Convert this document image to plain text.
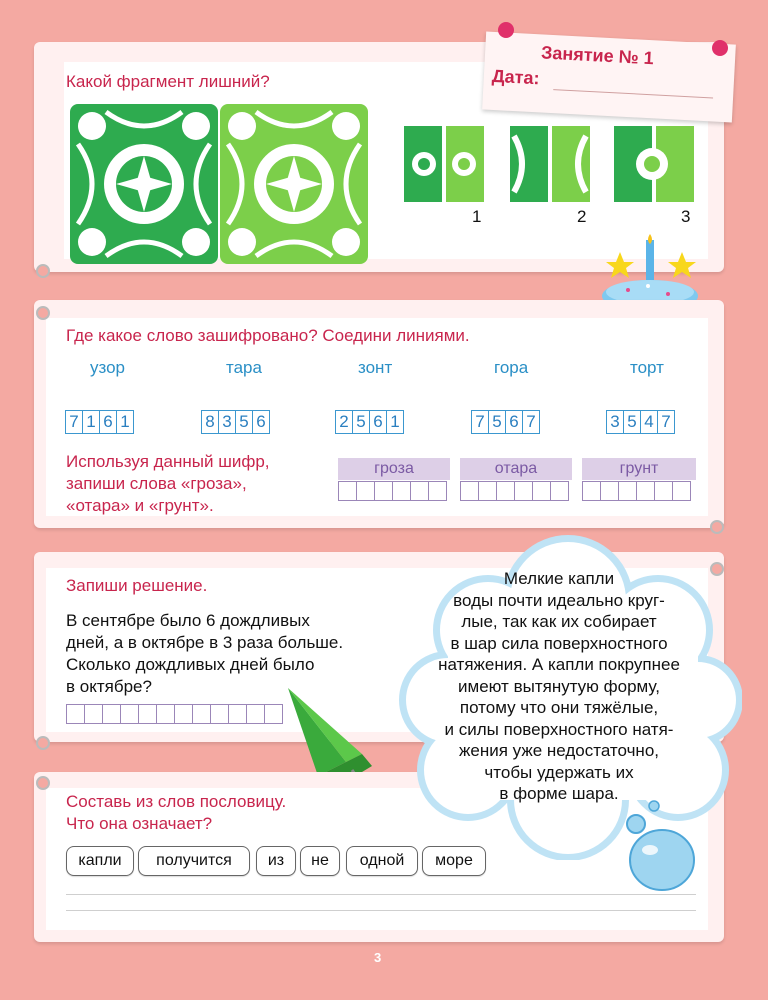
Какой фрагмент лишний?
1	2	3
Занятие № 1
Дата:
Где какое слово зашифровано? Соедини линиями.
узор	тара	зонт	гора	торт
7 1 6 1	8 3 5 6	2 5 6 1	7 5 6 7	3 5 4 7
Используя данный шифр,
запиши слова «гроза»,
«отара» и «грунт».
гроза	отара	грунт
Запиши решение.
В сентябре было 6 дождливых
дней, а в октябре в 3 раза больше.
Сколько дождливых дней было
в октябре?
Составь из слов пословицу.
Что она означает?
капли	получится	из	не	одной	море
Мелкие капли
воды почти идеально круг-
лые, так как их собирает
в шар сила поверхностного
натяжения. А капли покрупнее
имеют вытянутую форму,
потому что они тяжёлые,
и силы поверхностного натя-
жения уже недостаточно,
чтобы удержать их
в форме шара.
3
